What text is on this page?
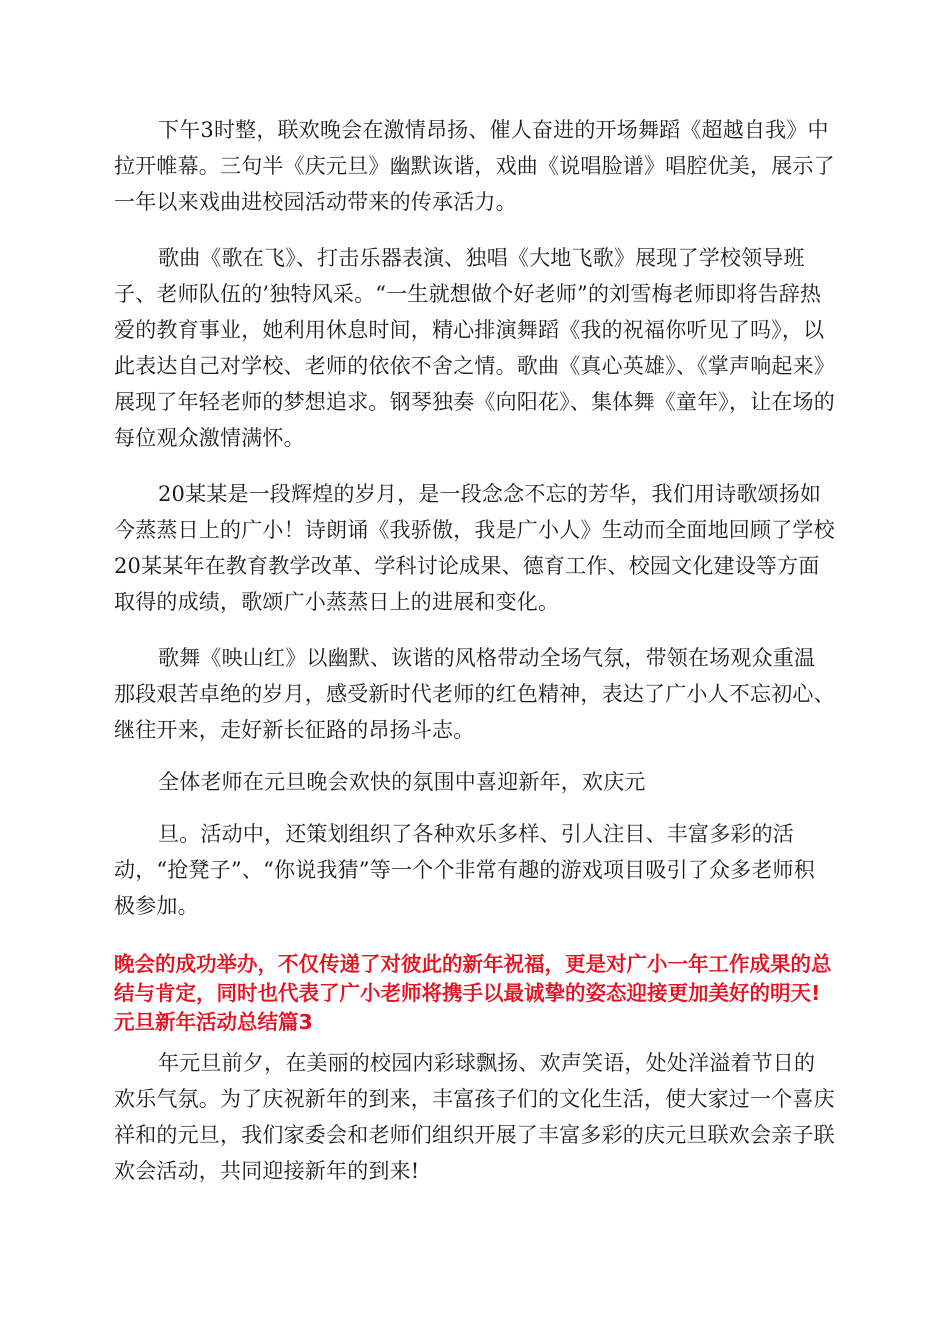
下午3时整，联欢晚会在激情昂扬、催人奋进的开场舞蹈《超越自我》中拉开帷幕。三句半《庆元旦》幽默诙谐，戏曲《说唱脸谱》唱腔优美，展示了一年以来戏曲进校园活动带来的传承活力。

歌曲《歌在飞》、打击乐器表演、独唱《大地飞歌》展现了学校领导班子、老师队伍的’独特风采。“一生就想做个好老师”的刘雪梅老师即将告辞热爱的教育事业，她利用休息时间，精心排演舞蹈《我的祝福你听见了吗》，以此表达自己对学校、老师的依依不舍之情。歌曲《真心英雄》、《掌声响起来》展现了年轻老师的梦想追求。钢琴独奏《向阳花》、集体舞《童年》，让在场的每位观众激情满怀。

20某某是一段辉煌的岁月，是一段念念不忘的芳华，我们用诗歌颂扬如今蒸蒸日上的广小！诗朗诵《我骄傲，我是广小人》生动而全面地回顾了学校20某某年在教育教学改革、学科讨论成果、德育工作、校园文化建设等方面取得的成绩，歌颂广小蒸蒸日上的进展和变化。

歌舞《映山红》以幽默、诙谐的风格带动全场气氛，带领在场观众重温那段艰苦卓绝的岁月，感受新时代老师的红色精神，表达了广小人不忘初心、继往开来，走好新长征路的昂扬斗志。

全体老师在元旦晚会欢快的氛围中喜迎新年，欢庆元

旦。活动中，还策划组织了各种欢乐多样、引人注目、丰富多彩的活动，“抢凳子”、“你说我猜”等一个个非常有趣的游戏项目吸引了众多老师积极参加。

晚会的成功举办，不仅传递了对彼此的新年祝福，更是对广小一年工作成果的总结与肯定，同时也代表了广小老师将携手以最诚挚的姿态迎接更加美好的明天!元旦新年活动总结篇3

年元旦前夕，在美丽的校园内彩球飘扬、欢声笑语，处处洋溢着节日的欢乐气氛。为了庆祝新年的到来，丰富孩子们的文化生活，使大家过一个喜庆祥和的元旦，我们家委会和老师们组织开展了丰富多彩的庆元旦联欢会亲子联欢会活动，共同迎接新年的到来!
